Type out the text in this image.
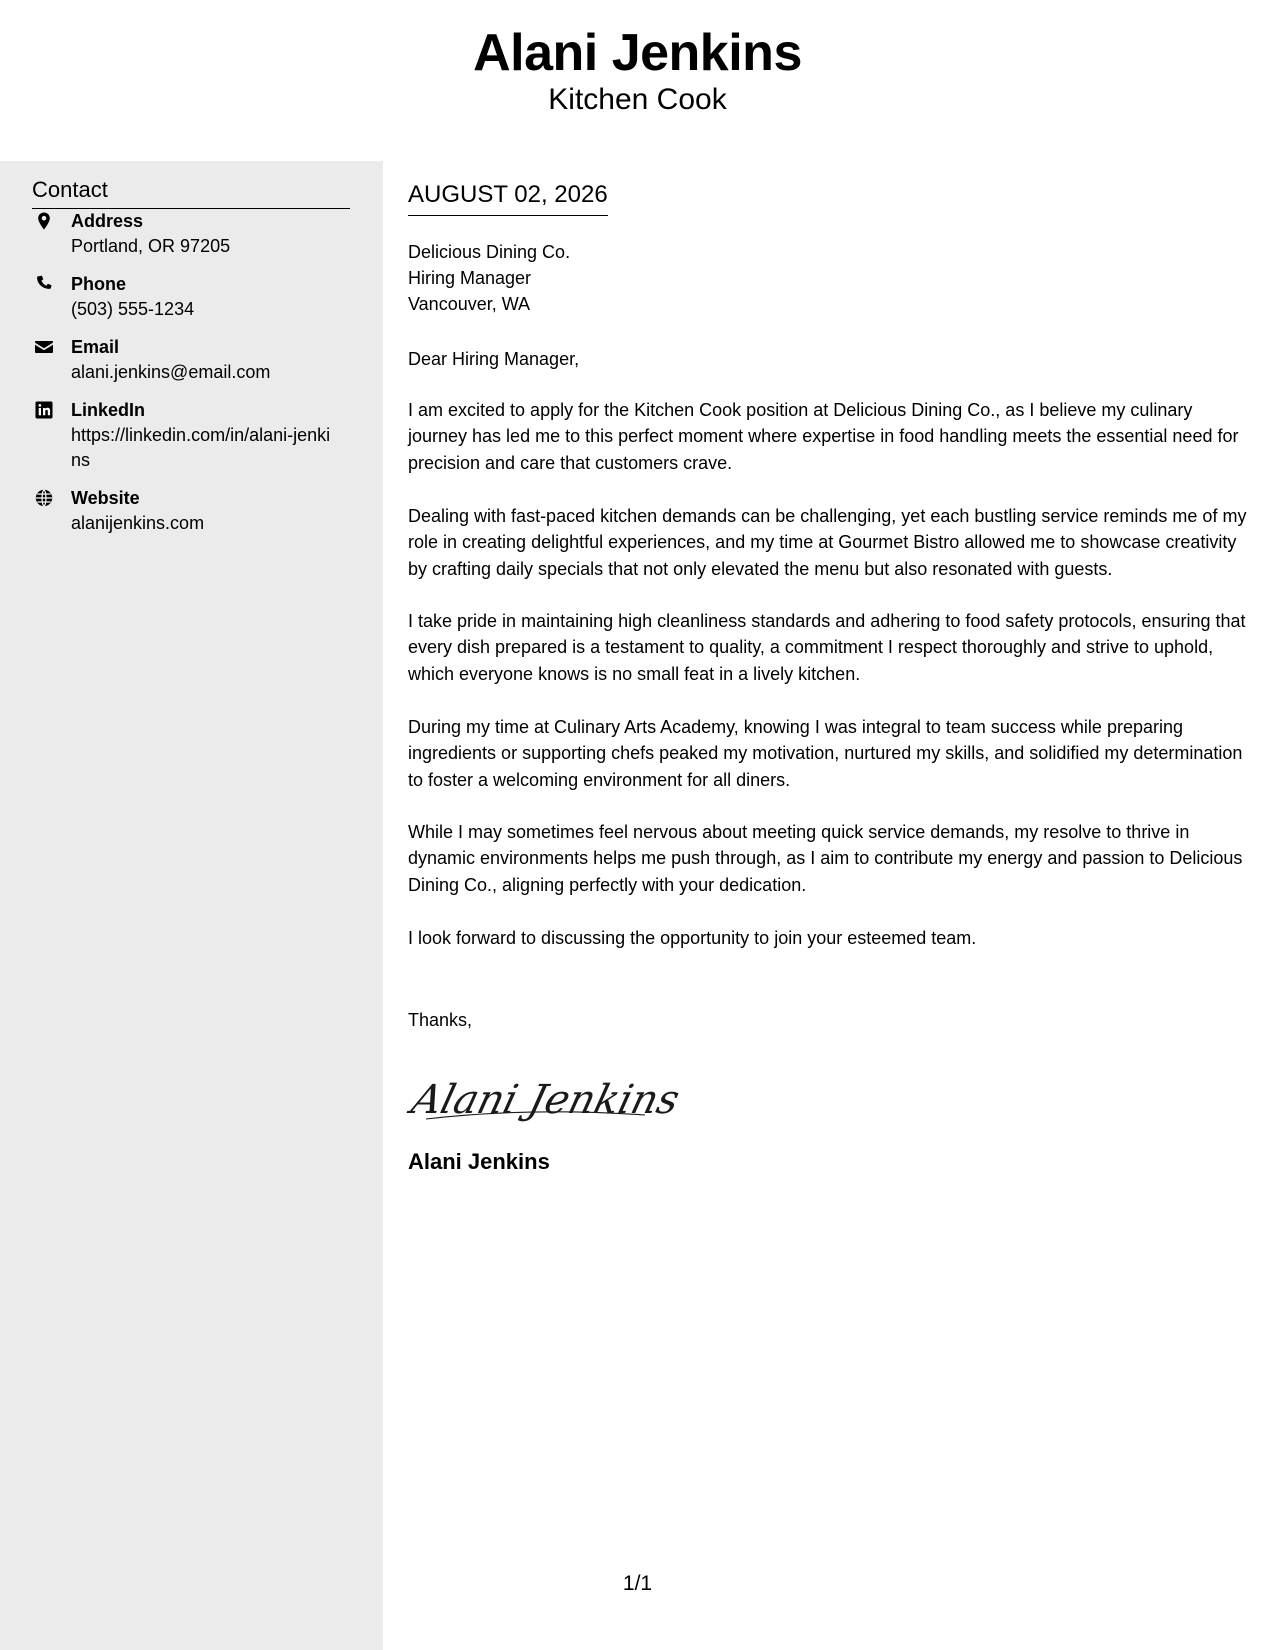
Alani Jenkins
Kitchen Cook
Contact
Address
Portland, OR 97205
Phone
(503) 555-1234
Email
alani.jenkins@email.com
LinkedIn
https://linkedin.com/in/alani-jenkins
Website
alanijenkins.com
AUGUST 02, 2026
Delicious Dining Co.
Hiring Manager
Vancouver, WA
Dear Hiring Manager,
I am excited to apply for the Kitchen Cook position at Delicious Dining Co., as I believe my culinary journey has led me to this perfect moment where expertise in food handling meets the essential need for precision and care that customers crave.
Dealing with fast-paced kitchen demands can be challenging, yet each bustling service reminds me of my role in creating delightful experiences, and my time at Gourmet Bistro allowed me to showcase creativity by crafting daily specials that not only elevated the menu but also resonated with guests.
I take pride in maintaining high cleanliness standards and adhering to food safety protocols, ensuring that every dish prepared is a testament to quality, a commitment I respect thoroughly and strive to uphold, which everyone knows is no small feat in a lively kitchen.
During my time at Culinary Arts Academy, knowing I was integral to team success while preparing ingredients or supporting chefs peaked my motivation, nurtured my skills, and solidified my determination to foster a welcoming environment for all diners.
While I may sometimes feel nervous about meeting quick service demands, my resolve to thrive in dynamic environments helps me push through, as I aim to contribute my energy and passion to Delicious Dining Co., aligning perfectly with your dedication.
I look forward to discussing the opportunity to join your esteemed team.
Thanks,
Alani Jenkins
Alani Jenkins
1/1
